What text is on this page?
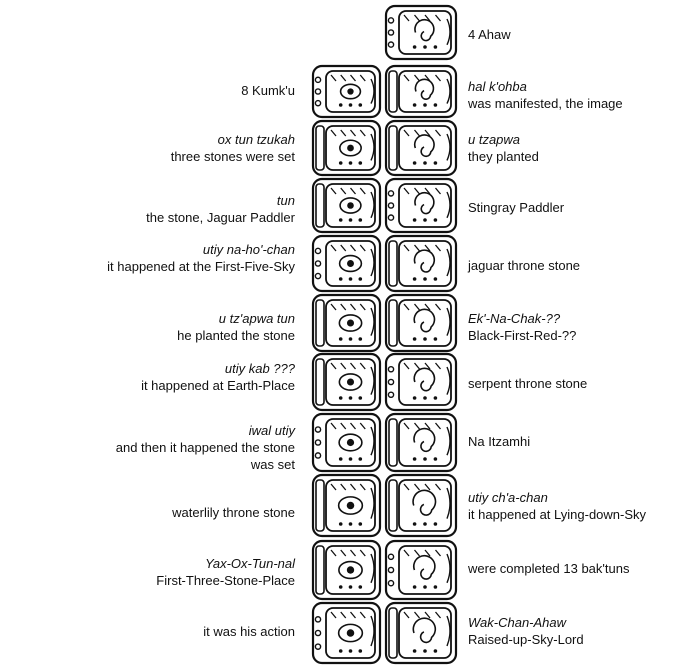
8 Kumk'u
ox tun tzukah
three stones were set
tun
the stone, Jaguar Paddler
utiy na-ho'-chan
it happened at the First-Five-Sky
u tz'apwa tun
he planted the stone
utiy kab ???
it happened at Earth-Place
iwal utiy
and then it happened the stone
was set
waterlily throne stone
Yax-Ox-Tun-nal
First-Three-Stone-Place
it was his action
4 Ahaw
hal k'ohba
was manifested, the image
u tzapwa
they planted
Stingray Paddler
jaguar throne stone
Ek'-Na-Chak-??
Black-First-Red-??
serpent throne stone
Na Itzamhi
utiy ch'a-chan
it happened at Lying-down-Sky
were completed 13 bak'tuns
Wak-Chan-Ahaw
Raised-up-Sky-Lord
